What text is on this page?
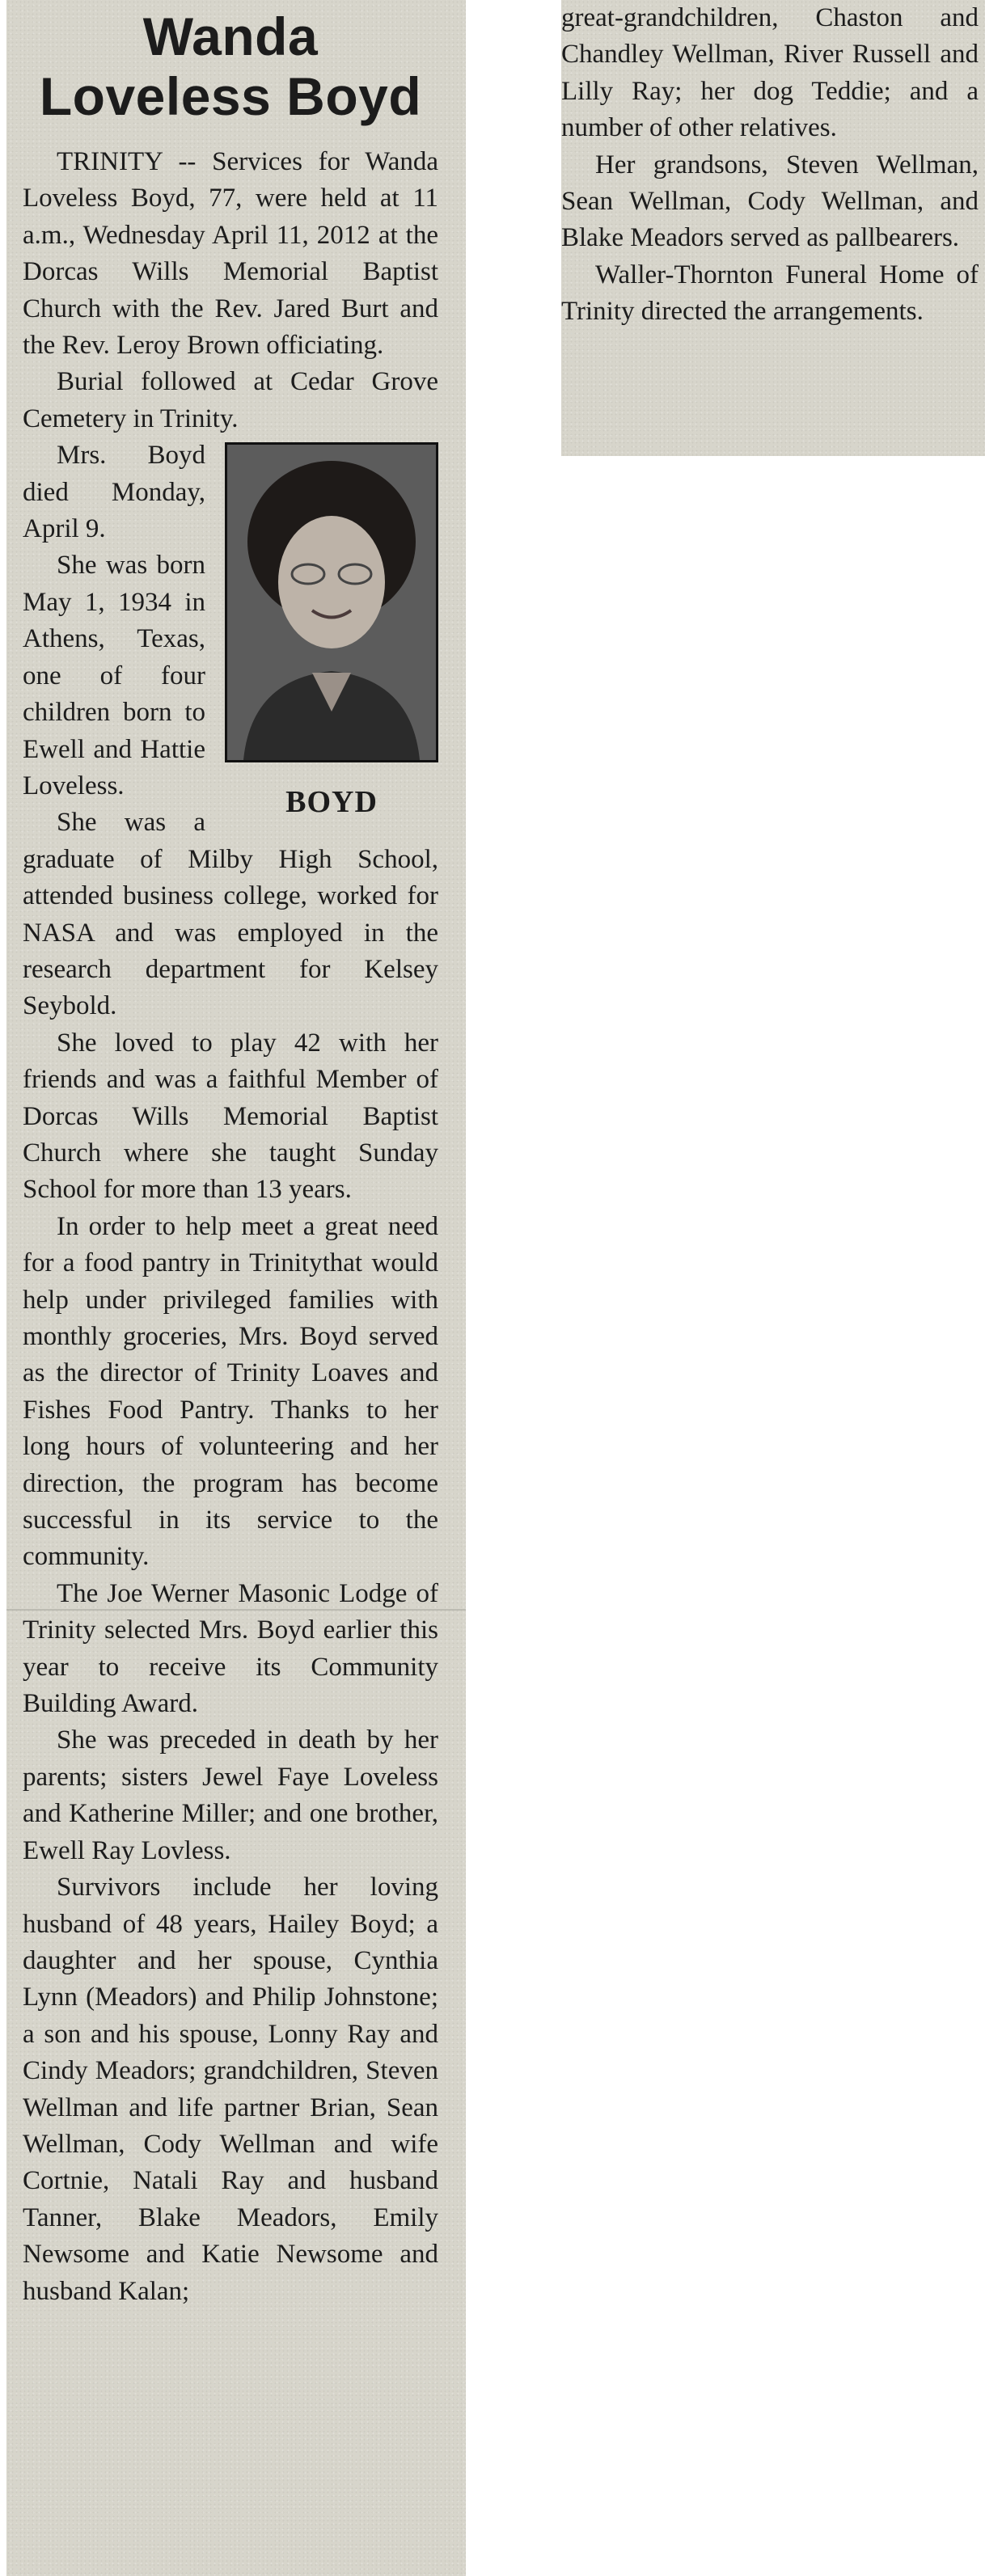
Wanda
Loveless Boyd

TRINITY -- Services for Wanda Loveless Boyd, 77, were held at 11 a.m., Wednesday April 11, 2012 at the Dorcas Wills Memorial Baptist Church with the Rev. Jared Burt and the Rev. Leroy Brown officiating.

Burial followed at Cedar Grove Cemetery in Trinity.

BOYD

Mrs. Boyd died Monday, April 9.

She was born May 1, 1934 in Athens, Texas, one of four children born to Ewell and Hattie Loveless.

She was a graduate of Milby High School, attended business college, worked for NASA and was employed in the research department for Kelsey Seybold.

She loved to play 42 with her friends and was a faithful Member of Dorcas Wills Memorial Baptist Church where she taught Sunday School for more than 13 years.

In order to help meet a great need for a food pantry in Trinitythat would help under privileged families with monthly groceries, Mrs. Boyd served as the director of Trinity Loaves and Fishes Food Pantry. Thanks to her long hours of volunteering and her direction, the program has become successful in its service to the community.

The Joe Werner Masonic Lodge of Trinity selected Mrs. Boyd earlier this year to receive its Community Building Award.

She was preceded in death by her parents; sisters Jewel Faye Loveless and Katherine Miller; and one brother, Ewell Ray Lovless.

Survivors include her loving husband of 48 years, Hailey Boyd; a daughter and her spouse, Cynthia Lynn (Meadors) and Philip Johnstone; a son and his spouse, Lonny Ray and Cindy Meadors; grandchildren, Steven Wellman and life partner Brian, Sean Wellman, Cody Wellman and wife Cortnie, Natali Ray and husband Tanner, Blake Meadors, Emily Newsome and Katie Newsome and husband Kalan;

great-grandchildren, Chaston and Chandley Wellman, River Russell and Lilly Ray; her dog Teddie; and a number of other relatives.

Her grandsons, Steven Wellman, Sean Wellman, Cody Wellman, and Blake Meadors served as pallbearers.

Waller-Thornton Funeral Home of Trinity directed the arrangements.
